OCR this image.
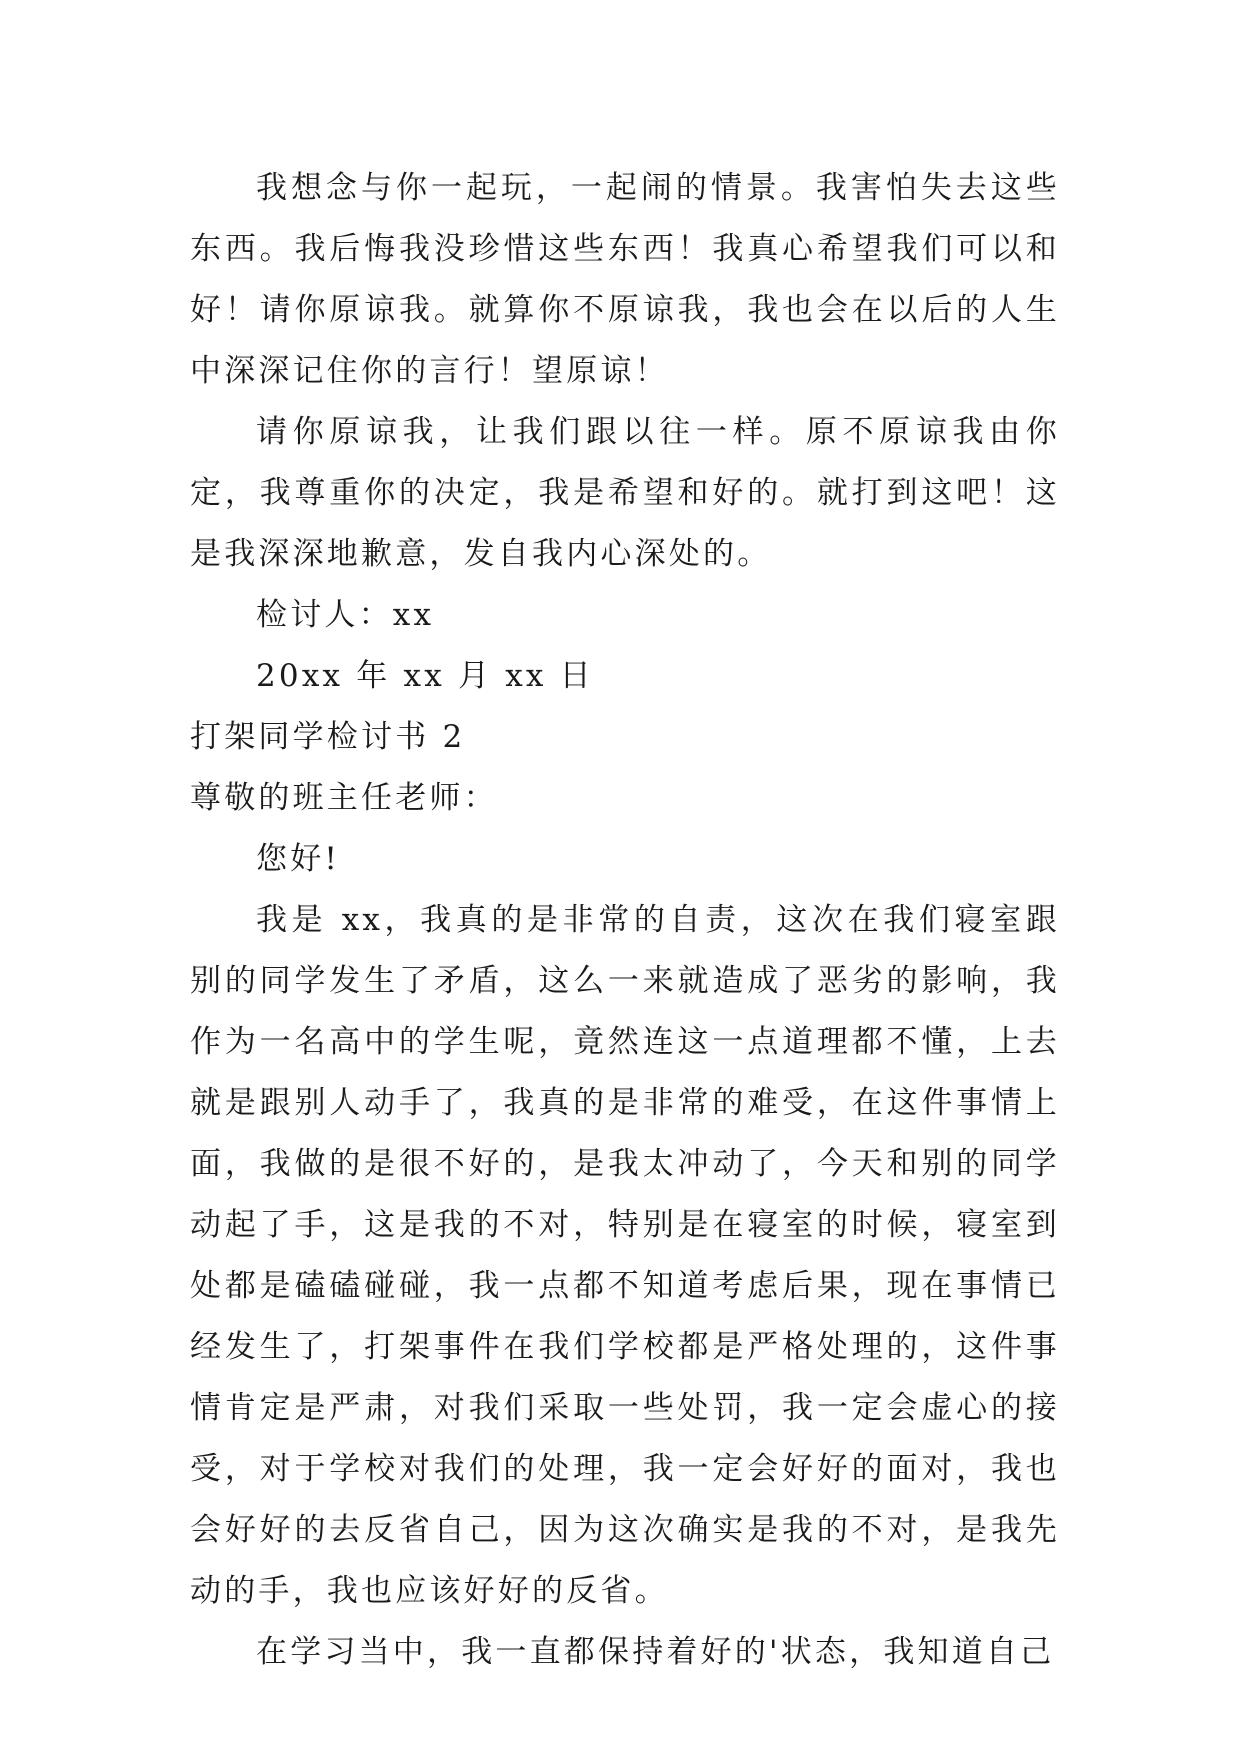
我想念与你一起玩，一起闹的情景。我害怕失去这些东西。我后悔我没珍惜这些东西！我真心希望我们可以和好！请你原谅我。就算你不原谅我，我也会在以后的人生中深深记住你的言行！望原谅！

请你原谅我，让我们跟以往一样。原不原谅我由你定，我尊重你的决定，我是希望和好的。就打到这吧！这是我深深地歉意，发自我内心深处的。

检讨人：xx

20xx 年 xx 月 xx 日

打架同学检讨书 2

尊敬的班主任老师：

您好!

我是 xx，我真的是非常的自责，这次在我们寝室跟别的同学发生了矛盾，这么一来就造成了恶劣的影响，我作为一名高中的学生呢，竟然连这一点道理都不懂，上去就是跟别人动手了，我真的是非常的难受，在这件事情上面，我做的是很不好的，是我太冲动了，今天和别的同学动起了手，这是我的不对，特别是在寝室的时候，寝室到处都是磕磕碰碰，我一点都不知道考虑后果，现在事情已经发生了，打架事件在我们学校都是严格处理的，这件事情肯定是严肃，对我们采取一些处罚，我一定会虚心的接受，对于学校对我们的处理，我一定会好好的面对，我也会好好的去反省自己，因为这次确实是我的不对，是我先动的手，我也应该好好的反省。

在学习当中，我一直都保持着好的'状态，我知道自己
